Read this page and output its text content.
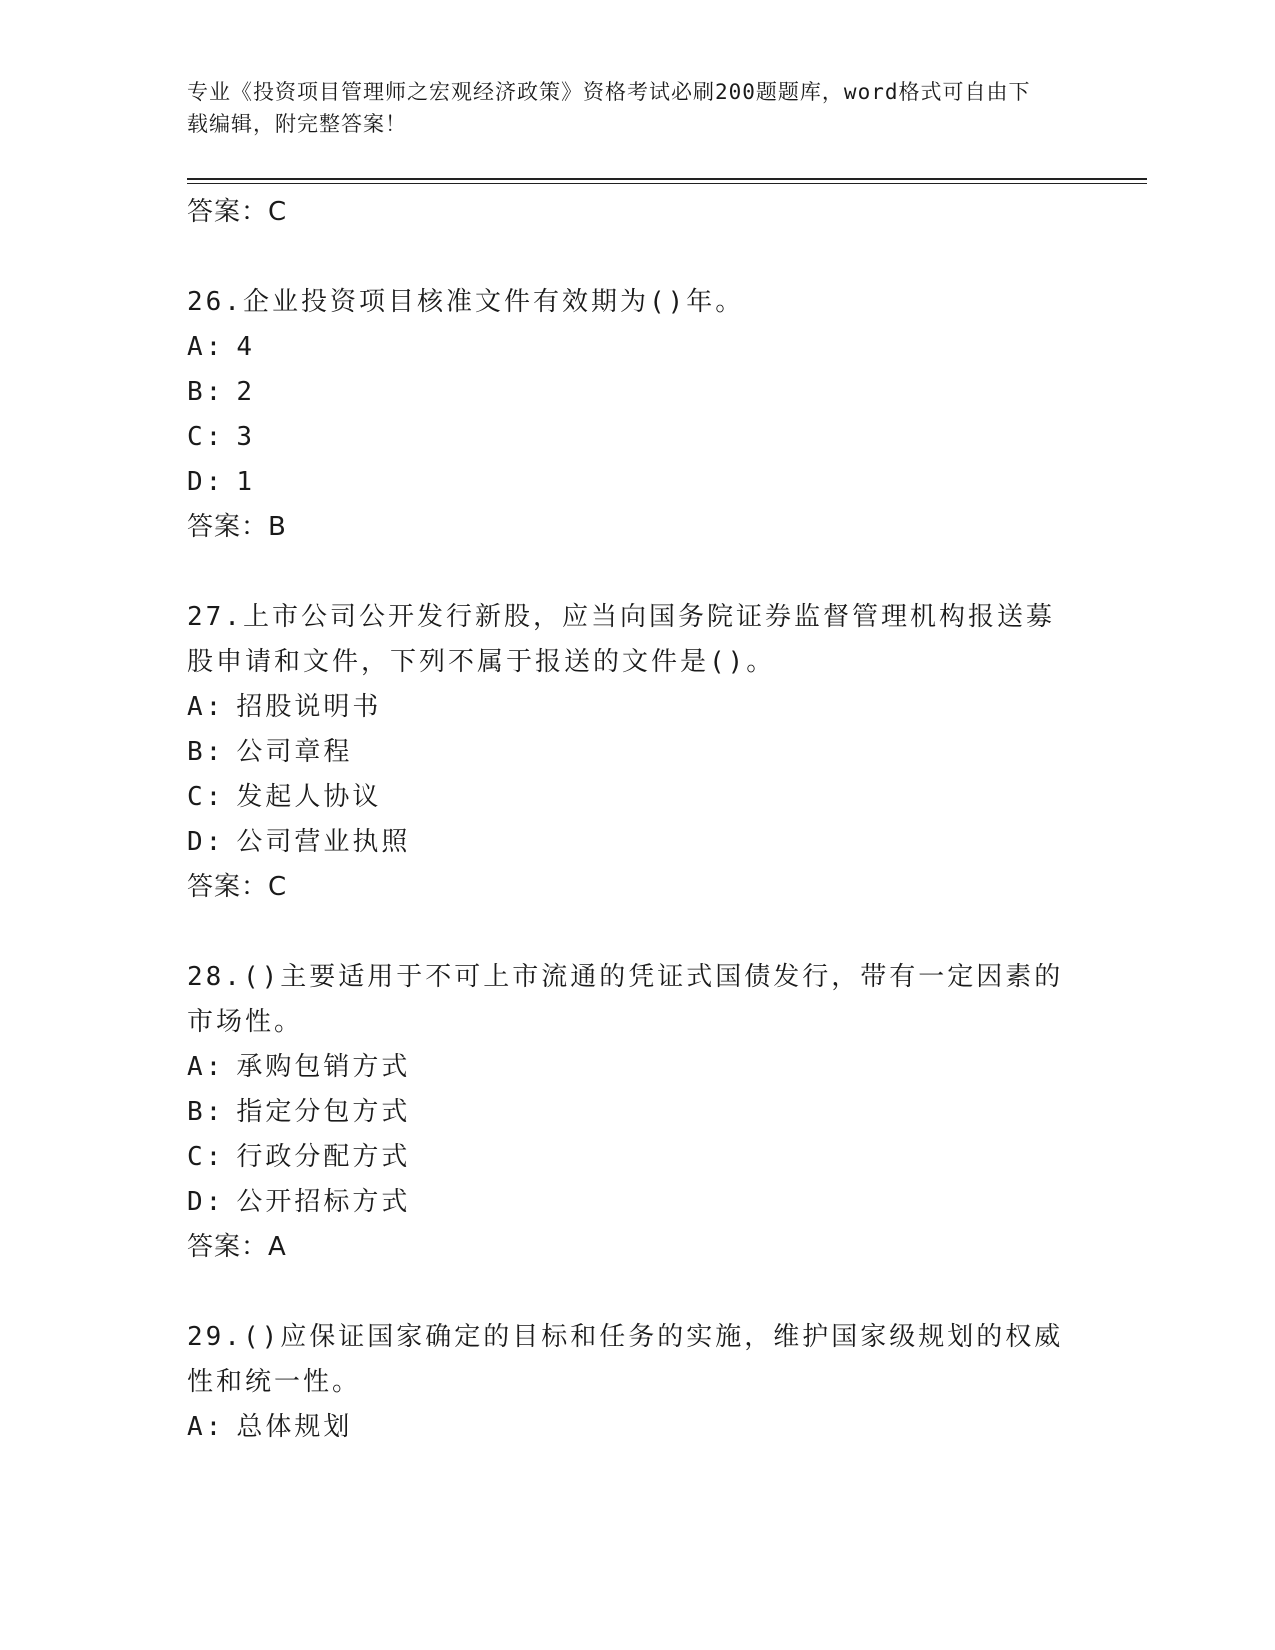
专业《投资项目管理师之宏观经济政策》资格考试必刷200题题库，word格式可自由下载编辑，附完整答案！
答案：C
26.企业投资项目核准文件有效期为()年。
A: 4
B: 2
C: 3
D: 1
答案：B
27.上市公司公开发行新股，应当向国务院证券监督管理机构报送募股申请和文件，下列不属于报送的文件是()。
A: 招股说明书
B: 公司章程
C: 发起人协议
D: 公司营业执照
答案：C
28.()主要适用于不可上市流通的凭证式国债发行，带有一定因素的市场性。
A: 承购包销方式
B: 指定分包方式
C: 行政分配方式
D: 公开招标方式
答案：A
29.()应保证国家确定的目标和任务的实施，维护国家级规划的权威性和统一性。
A: 总体规划
